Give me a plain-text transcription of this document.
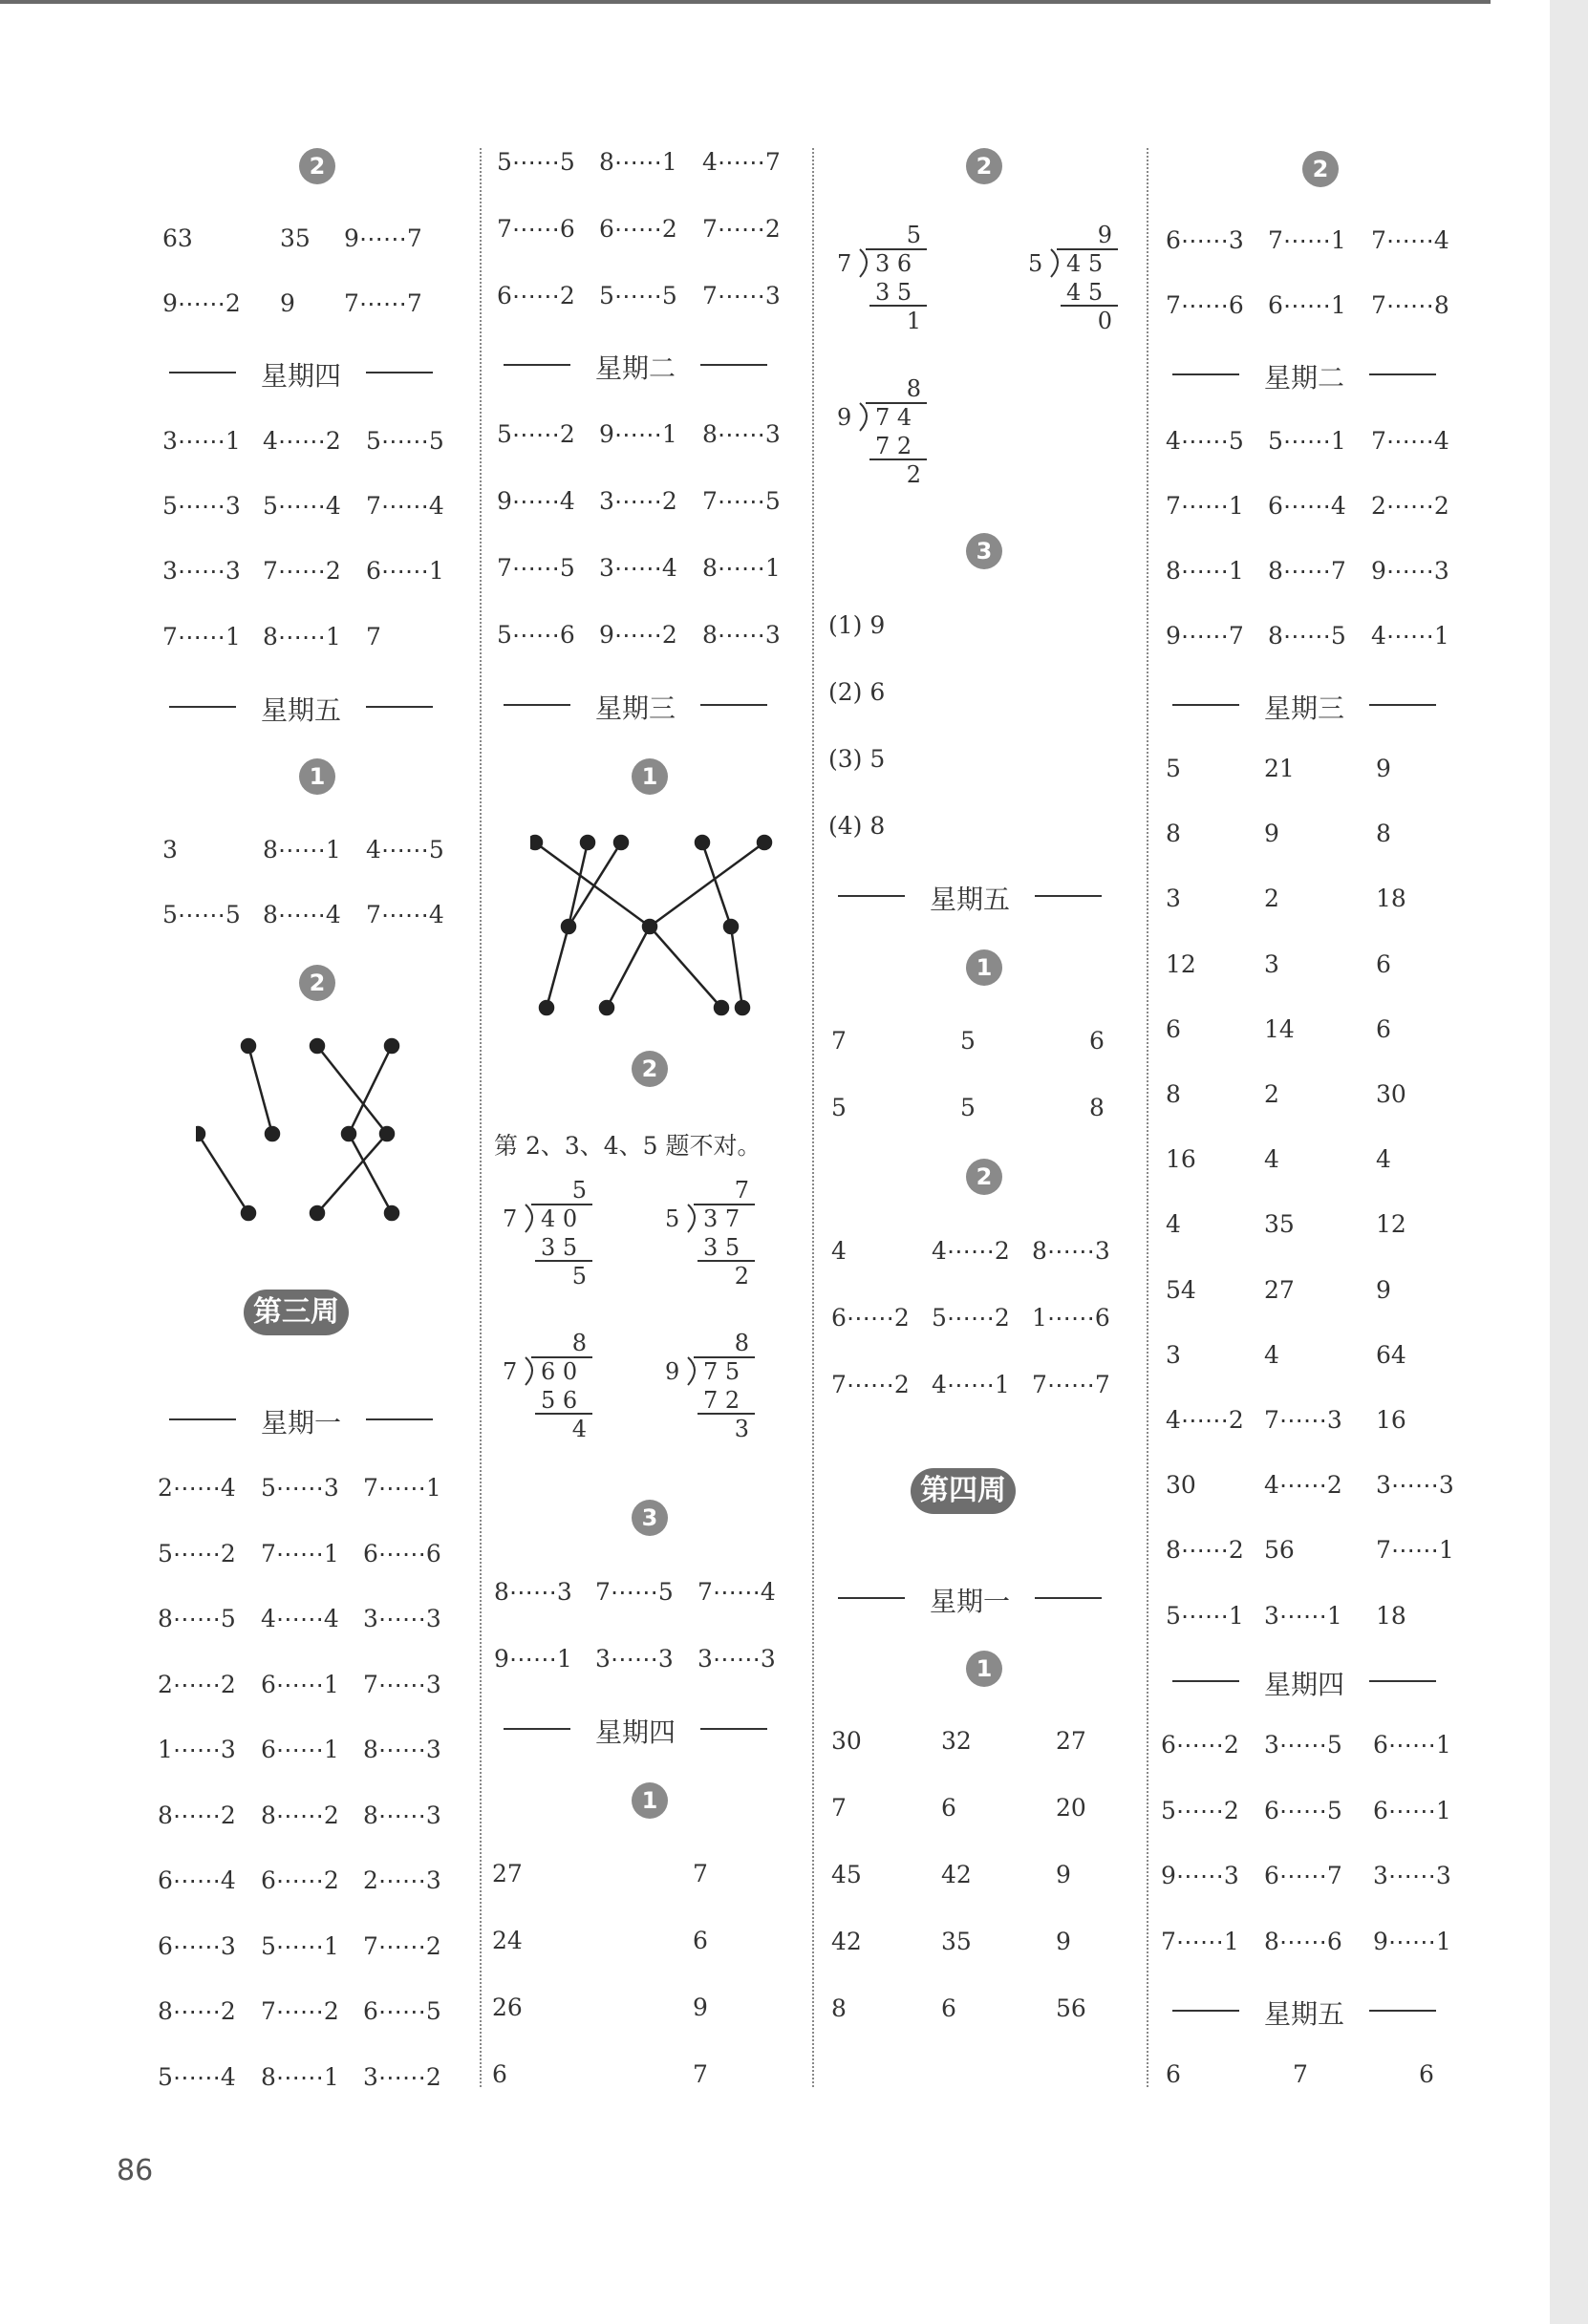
2
63	35 9⋯⋯7
9⋯⋯2 9 7⋯⋯7
星期四
3⋯⋯1 4⋯⋯2 5⋯⋯5
5⋯⋯3 5⋯⋯4 7⋯⋯4
3⋯⋯3 7⋯⋯2 6⋯⋯1
7⋯⋯1 8⋯⋯1 7
星期五
1
3	8⋯⋯1 4⋯⋯5
5⋯⋯5 8⋯⋯4 7⋯⋯4
2
第三周
星期一
2⋯⋯4 5⋯⋯3 7⋯⋯1
5⋯⋯2 7⋯⋯1 6⋯⋯6
8⋯⋯5 4⋯⋯4 3⋯⋯3
2⋯⋯2 6⋯⋯1 7⋯⋯3
1⋯⋯3 6⋯⋯1 8⋯⋯3
8⋯⋯2 8⋯⋯2 8⋯⋯3
6⋯⋯4 6⋯⋯2 2⋯⋯3
6⋯⋯3 5⋯⋯1 7⋯⋯2
8⋯⋯2 7⋯⋯2 6⋯⋯5
5⋯⋯4 8⋯⋯1 3⋯⋯2
5⋯⋯5 8⋯⋯1 4⋯⋯7
7⋯⋯6 6⋯⋯2 7⋯⋯2
6⋯⋯2 5⋯⋯5 7⋯⋯3
星期二
5⋯⋯2 9⋯⋯1 8⋯⋯3
9⋯⋯4 3⋯⋯2 7⋯⋯5
7⋯⋯5 3⋯⋯4 8⋯⋯1
5⋯⋯6 9⋯⋯2 8⋯⋯3
星期三
1
2
第 2、3、4、5 题不对。
5
7 4 0
3 5
5
7
5 3 7
3 5
2
8
7 6 0
5 6
4
8
9 7 5
7 2
3
3
8⋯⋯3 7⋯⋯5 7⋯⋯4
9⋯⋯1 3⋯⋯3 3⋯⋯3
星期四
1
27	7
24	6
26	9
6	7
2
5
7 3 6
3 5
1
9
5 4 5
4 5
0
8
9 7 4
7 2
2
3
(1) 9
(2) 6
(3) 5
(4) 8
星期五
1
7	5	6
5	5	8
2
4	4⋯⋯2 8⋯⋯3
6⋯⋯2 5⋯⋯2 1⋯⋯6
7⋯⋯2 4⋯⋯1 7⋯⋯7
第四周
星期一
1
30	32	27
7	6	20
45	42	9
42	35	9
8	6	56
2
6⋯⋯3 7⋯⋯1 7⋯⋯4
7⋯⋯6 6⋯⋯1 7⋯⋯8
星期二
4⋯⋯5 5⋯⋯1 7⋯⋯4
7⋯⋯1 6⋯⋯4 2⋯⋯2
8⋯⋯1 8⋯⋯7 9⋯⋯3
9⋯⋯7 8⋯⋯5 4⋯⋯1
星期三
5	21	9
8	9	8
3	2	18
12	3	6
6	14	6
8	2	30
16	4	4
4	35	12
54	27	9
3	4	64
4⋯⋯2 7⋯⋯3 16
30	4⋯⋯2 3⋯⋯3
8⋯⋯2 56	7⋯⋯1
5⋯⋯1 3⋯⋯1 18
星期四
6⋯⋯2 3⋯⋯5 6⋯⋯1
5⋯⋯2 6⋯⋯5 6⋯⋯1
9⋯⋯3 6⋯⋯7 3⋯⋯3
7⋯⋯1 8⋯⋯6 9⋯⋯1
星期五
6	7	6
86
